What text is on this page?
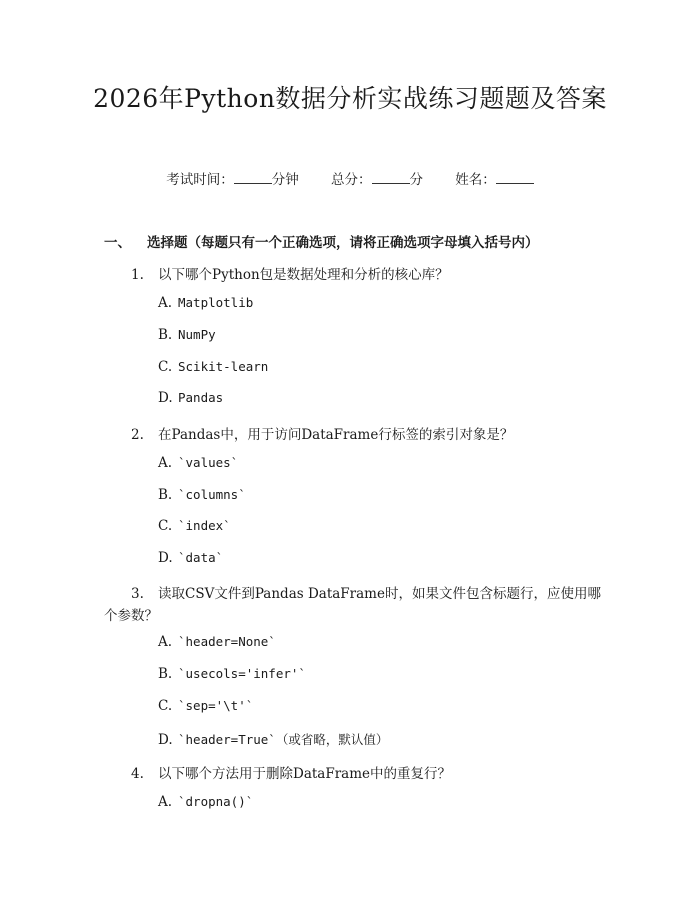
2026年Python数据分析实战练习题题及答案
考试时间：	分钟 总分：	分 姓名：
一、 选择题（每题只有一个正确选项，请将正确选项字母填入括号内）
1. 以下哪个Python包是数据处理和分析的核心库？
A. Matplotlib
B. NumPy
C. Scikit-learn
D. Pandas
2. 在Pandas中，用于访问DataFrame行标签的索引对象是？
A. `values`
B. `columns`
C. `index`
D. `data`
3. 读取CSV文件到Pandas DataFrame时，如果文件包含标题行，应使用哪
个参数？
A. `header=None`
B. `usecols='infer'`
C. `sep='\t'`
D. `header=True`（或省略，默认值）
4. 以下哪个方法用于删除DataFrame中的重复行？
A. `dropna()`
